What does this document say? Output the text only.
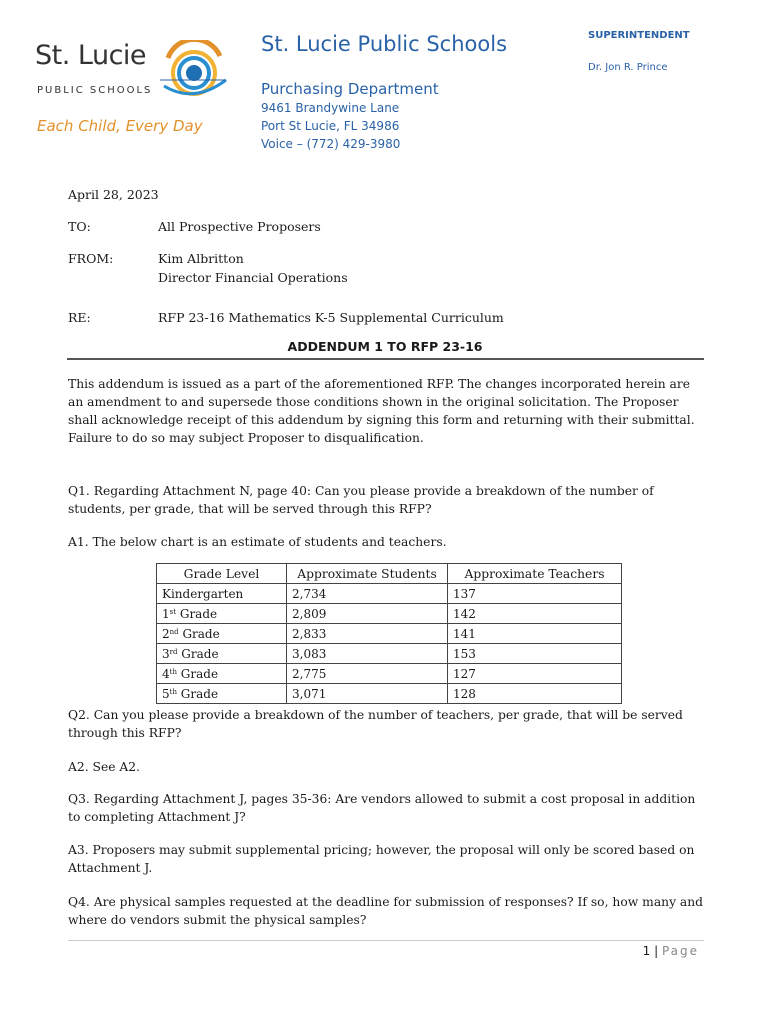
St. Lucie
PUBLIC SCHOOLS
Each Child, Every Day
St. Lucie Public Schools
Purchasing Department
9461 Brandywine Lane
Port St Lucie, FL 34986
Voice – (772) 429-3980
SUPERINTENDENT
Dr. Jon R. Prince
April 28, 2023
TO:	All Prospective Proposers
FROM:	Kim Albritton
Director Financial Operations
RE:	RFP 23-16 Mathematics K-5 Supplemental Curriculum
ADDENDUM 1 TO RFP 23-16
This addendum is issued as a part of the aforementioned RFP. The changes incorporated herein are an amendment to and supersede those conditions shown in the original solicitation. The Proposer shall acknowledge receipt of this addendum by signing this form and returning with their submittal. Failure to do so may subject Proposer to disqualification.
Q1. Regarding Attachment N, page 40: Can you please provide a breakdown of the number of students, per grade, that will be served through this RFP?
A1. The below chart is an estimate of students and teachers.
Grade Level	Approximate Students	Approximate Teachers
Kindergarten	2,734	137
1st Grade	2,809	142
2nd Grade	2,833	141
3rd Grade	3,083	153
4th Grade	2,775	127
5th Grade	3,071	128
Q2. Can you please provide a breakdown of the number of teachers, per grade, that will be served through this RFP?
A2. See A2.
Q3. Regarding Attachment J, pages 35-36: Are vendors allowed to submit a cost proposal in addition to completing Attachment J?
A3. Proposers may submit supplemental pricing; however, the proposal will only be scored based on Attachment J.
Q4. Are physical samples requested at the deadline for submission of responses? If so, how many and where do vendors submit the physical samples?
1 | Page
